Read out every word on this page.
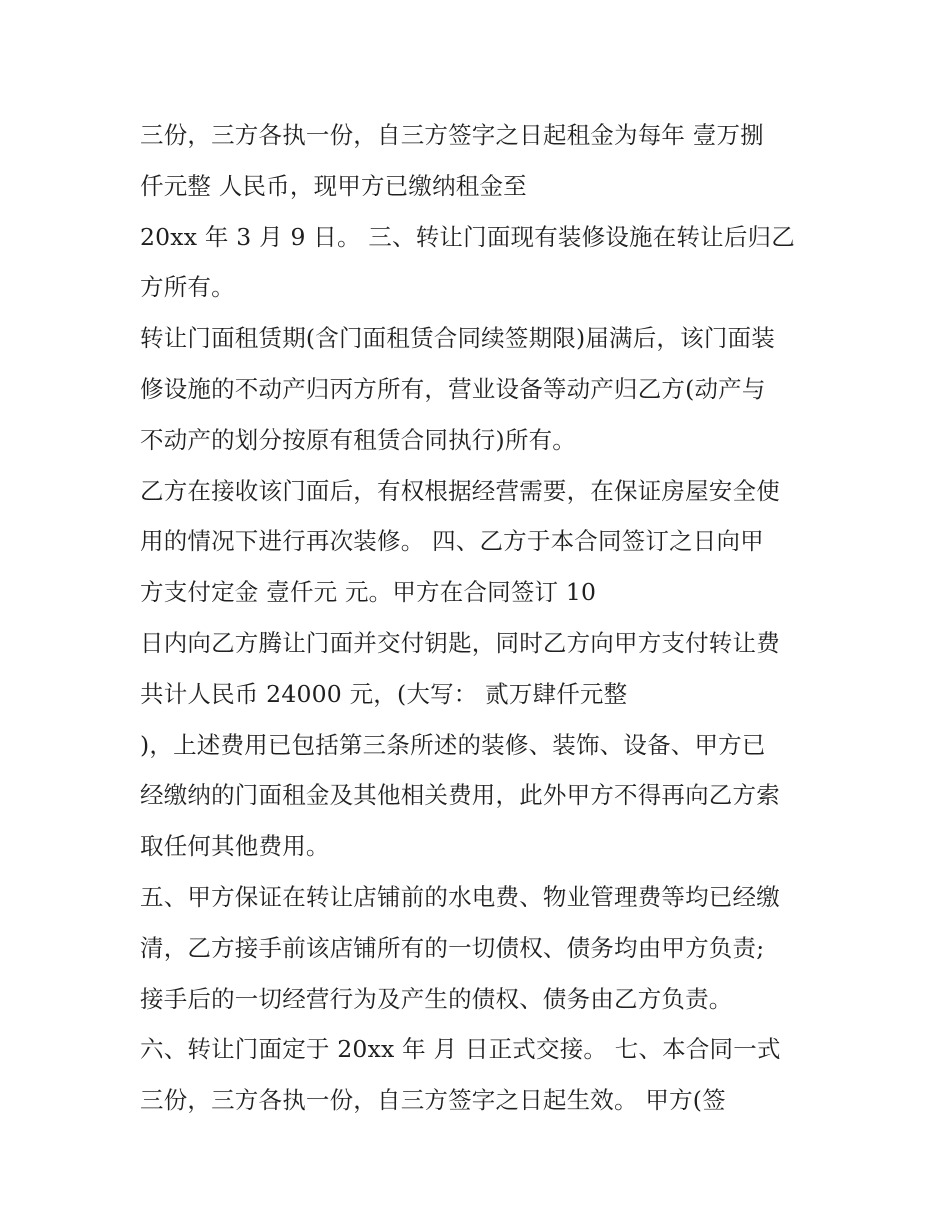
三份，三方各执一份，自三方签字之日起租金为每年 壹万捌
仟元整 人民币，现甲方已缴纳租金至
20xx 年 3 月 9 日。 三、转让门面现有装修设施在转让后归乙
方所有。
转让门面租赁期(含门面租赁合同续签期限)届满后，该门面装
修设施的不动产归丙方所有，营业设备等动产归乙方(动产与
不动产的划分按原有租赁合同执行)所有。
乙方在接收该门面后，有权根据经营需要，在保证房屋安全使
用的情况下进行再次装修。 四、乙方于本合同签订之日向甲
方支付定金 壹仟元 元。甲方在合同签订 10
日内向乙方腾让门面并交付钥匙，同时乙方向甲方支付转让费
共计人民币 24000 元，(大写： 贰万肆仟元整
)，上述费用已包括第三条所述的装修、装饰、设备、甲方已
经缴纳的门面租金及其他相关费用，此外甲方不得再向乙方索
取任何其他费用。
五、甲方保证在转让店铺前的水电费、物业管理费等均已经缴
清，乙方接手前该店铺所有的一切债权、债务均由甲方负责;
接手后的一切经营行为及产生的债权、债务由乙方负责。
六、转让门面定于 20xx 年 月 日正式交接。 七、本合同一式
三份，三方各执一份，自三方签字之日起生效。 甲方(签
